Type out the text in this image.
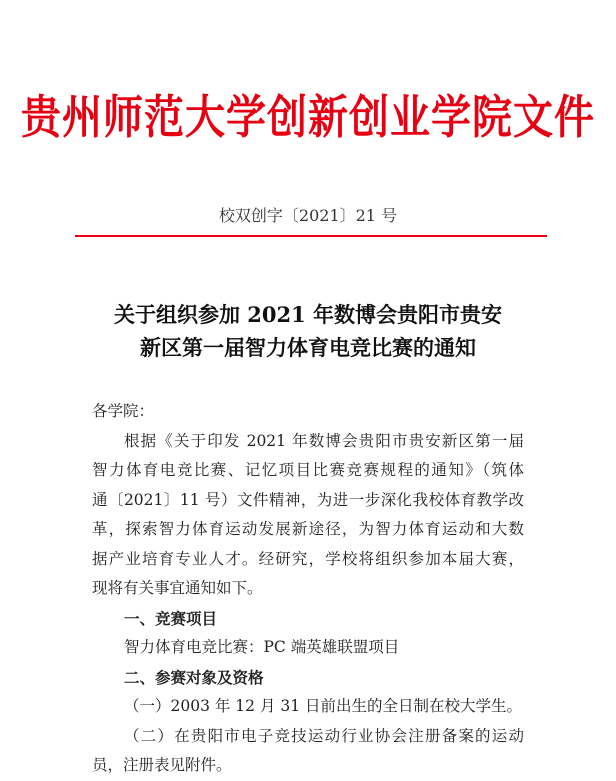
贵州师范大学创新创业学院文件
校双创字〔2021〕21 号
关于组织参加 2021 年数博会贵阳市贵安
新区第一届智力体育电竞比赛的通知
各学院：
根据《关于印发 2021 年数博会贵阳市贵安新区第一届
智力体育电竞比赛、记忆项目比赛竞赛规程的通知》（筑体
通〔2021〕11 号）文件精神，为进一步深化我校体育教学改
革，探索智力体育运动发展新途径，为智力体育运动和大数
据产业培育专业人才。经研究，学校将组织参加本届大赛，
现将有关事宜通知如下。
一、竞赛项目
智力体育电竞比赛：PC 端英雄联盟项目
二、参赛对象及资格
（一）2003 年 12 月 31 日前出生的全日制在校大学生。
（二）在贵阳市电子竞技运动行业协会注册备案的运动
员，注册表见附件。
